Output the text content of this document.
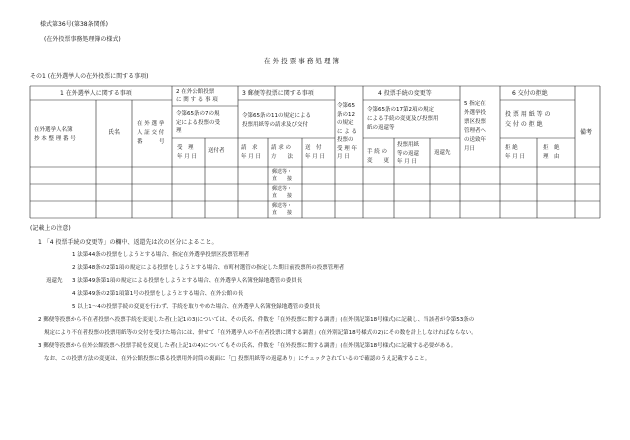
様式第36号(第38条関係)
(在外投票事務処理簿の様式)
在 外 投 票 事 務 処 理 簿
その1 (在外選挙人の在外投票に関する事項)
1 在外選挙人に関する事項
在外選挙人名簿
抄 本 整 理 番 号
氏名
在 外 選 挙
人 証 交 付
番　　　号
2 在外公館投票
に 関 す る 事 項
令第65条の7の規
定による投票の受
理
受　理
年 月 日
送付者
3 郵便等投票に関する事項
令第65条の11の規定による
投票用紙等の請求及び交付
請　求
年 月 日
請 求 の
方　　法
送　付
年 月 日
令第65
条の12
の規定
に よ る
投票の
受 理 年
月 日
郵送等・
直　　接
郵送等・
直　　接
郵送等・
直　　接
4 投票手続の変更等
令第65条の17第2項の規定
による手続の変更及び投票用
紙の返還等
手 続 の
変　　更
投票用紙
等の返還
年 月 日
返還先
5 指定在
外選挙投
票区投票
管理者へ
の送致年
月日
6 交付の拒絶
投 票 用 紙 等 の
交 付 の 拒 絶
拒 絶
年 月 日
拒　絶
理　由
備考
(記載上の注意)
1 「4 投票手続の変更等」の欄中、返還先は次の区分によること。
1 法第44条の投票をしようとする場合、指定在外選挙投票区投票管理者
2 法第48条の2第1項の規定による投票をしようとする場合、市町村選管の指定した期日前投票所の投票管理者
返還先 3 法第49条第1項の規定による投票をしようとする場合、在外選挙人名簿登録地選管の委員長
4 法第49条の2第1項第1号の投票をしようとする場合、在外公館の長
5 以上1～4の投票手続の変更を行わず、手続を取りやめた場合、在外選挙人名簿登録地選管の委員長
2 郵便等投票から不在者投票へ投票手続を変更した者(上記1の3)については、その氏名、件数を「在外投票に関する調書」(在外別記第18号様式)に記載し、当該者が令第53条の
規定により不在者投票の投票用紙等の交付を受けた場合には、併せて「在外選挙人の不在者投票に関する調書」(在外別記第18号様式の2)にその数を計上しなければならない。
3 郵便等投票から在外公館投票へ投票手続を変更した者(上記1の4)についてもその氏名、件数を「在外投票に関する調書」(在外別記第18号様式)に記載する必要がある。
なお、この投票方法の変更は、在外公館投票に係る投票用外封筒の裏面に「□ 投票用紙等の返還あり」にチェックされているので確認のうえ記載すること。
